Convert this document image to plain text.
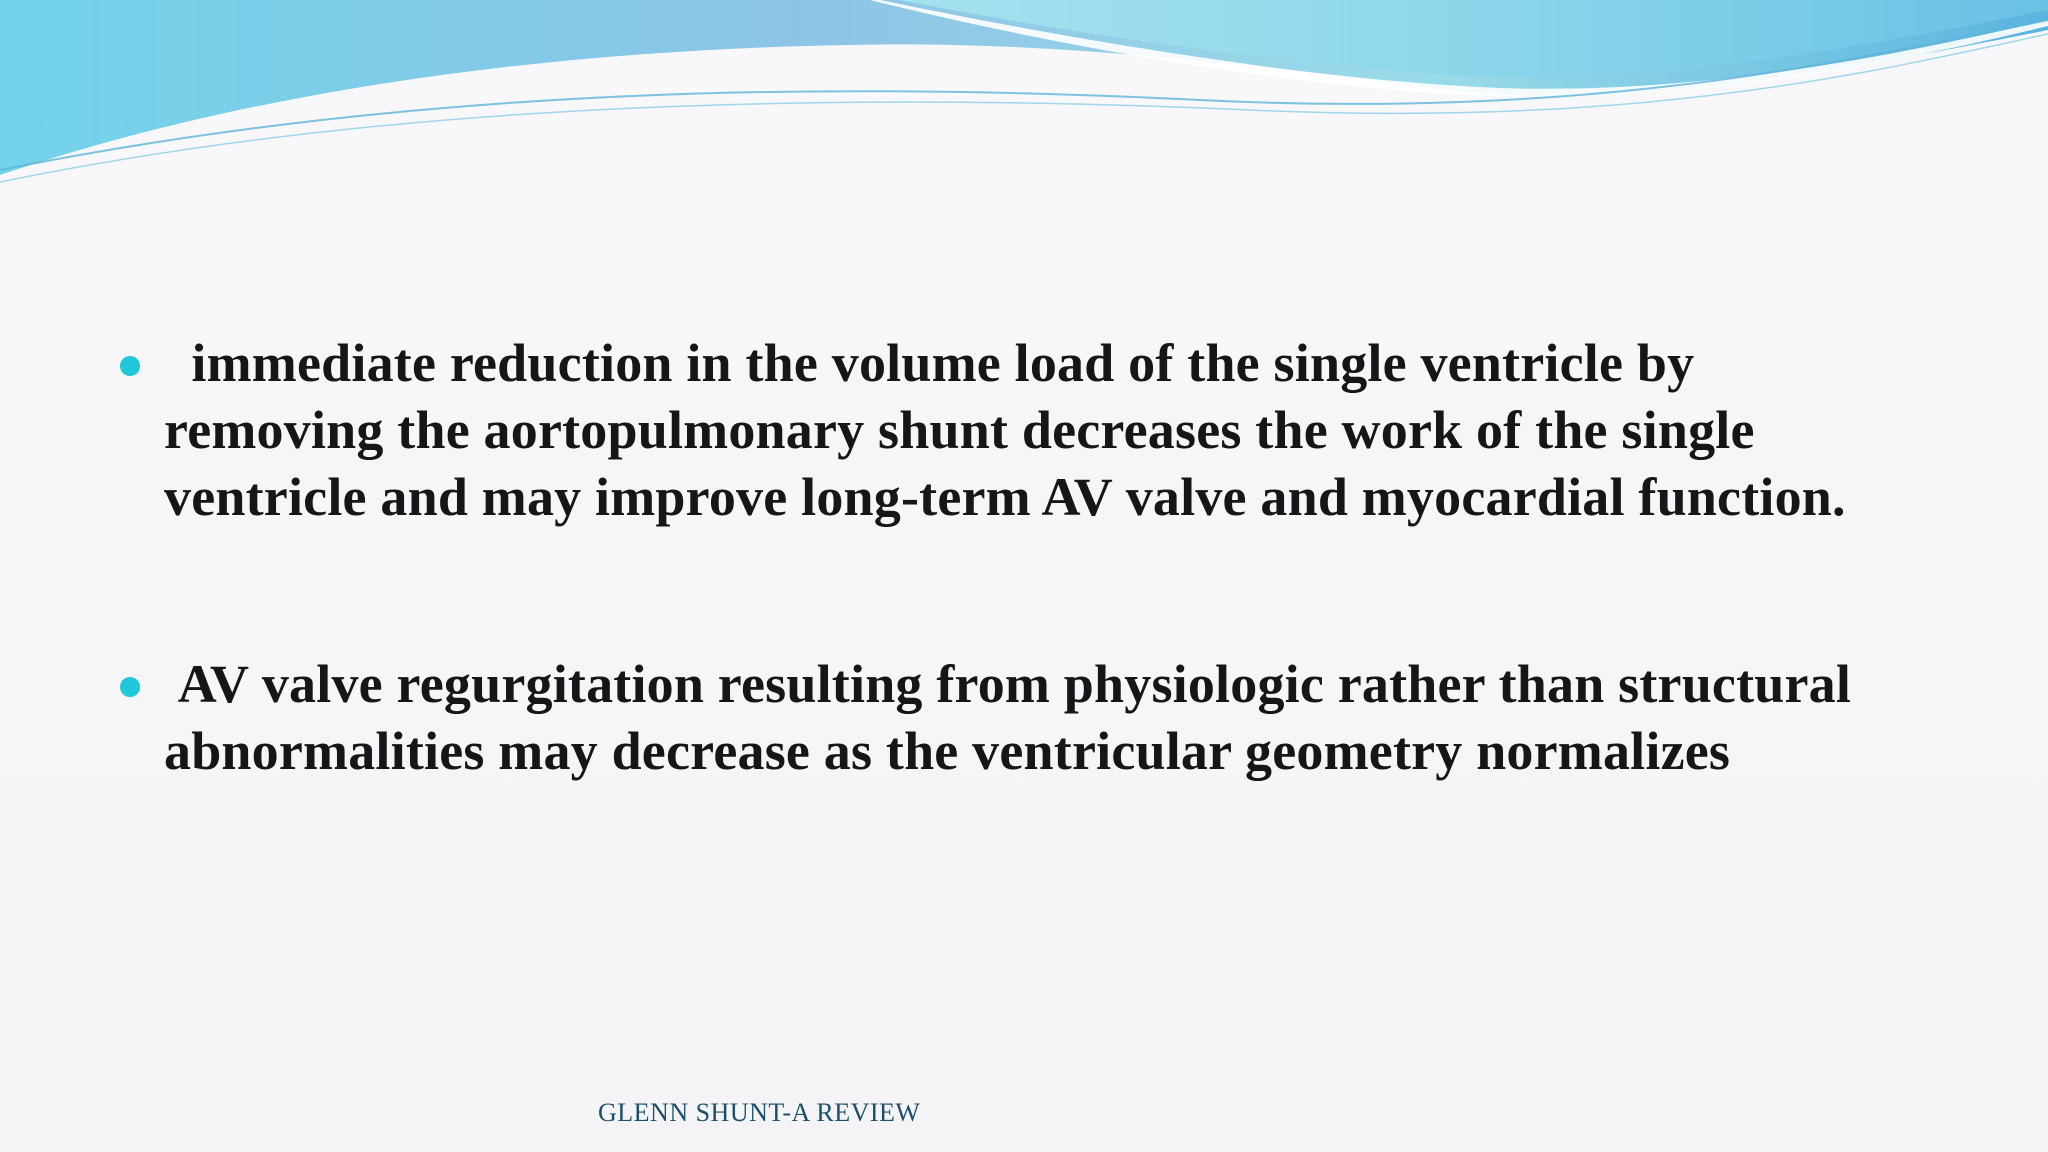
immediate reduction in the volume load of the single ventricle by removing the aortopulmonary shunt decreases the work of the single ventricle and may improve long-term AV valve and myocardial function.
AV valve regurgitation resulting from physiologic rather than structural abnormalities may decrease as the ventricular geometry normalizes
GLENN SHUNT-A REVIEW
